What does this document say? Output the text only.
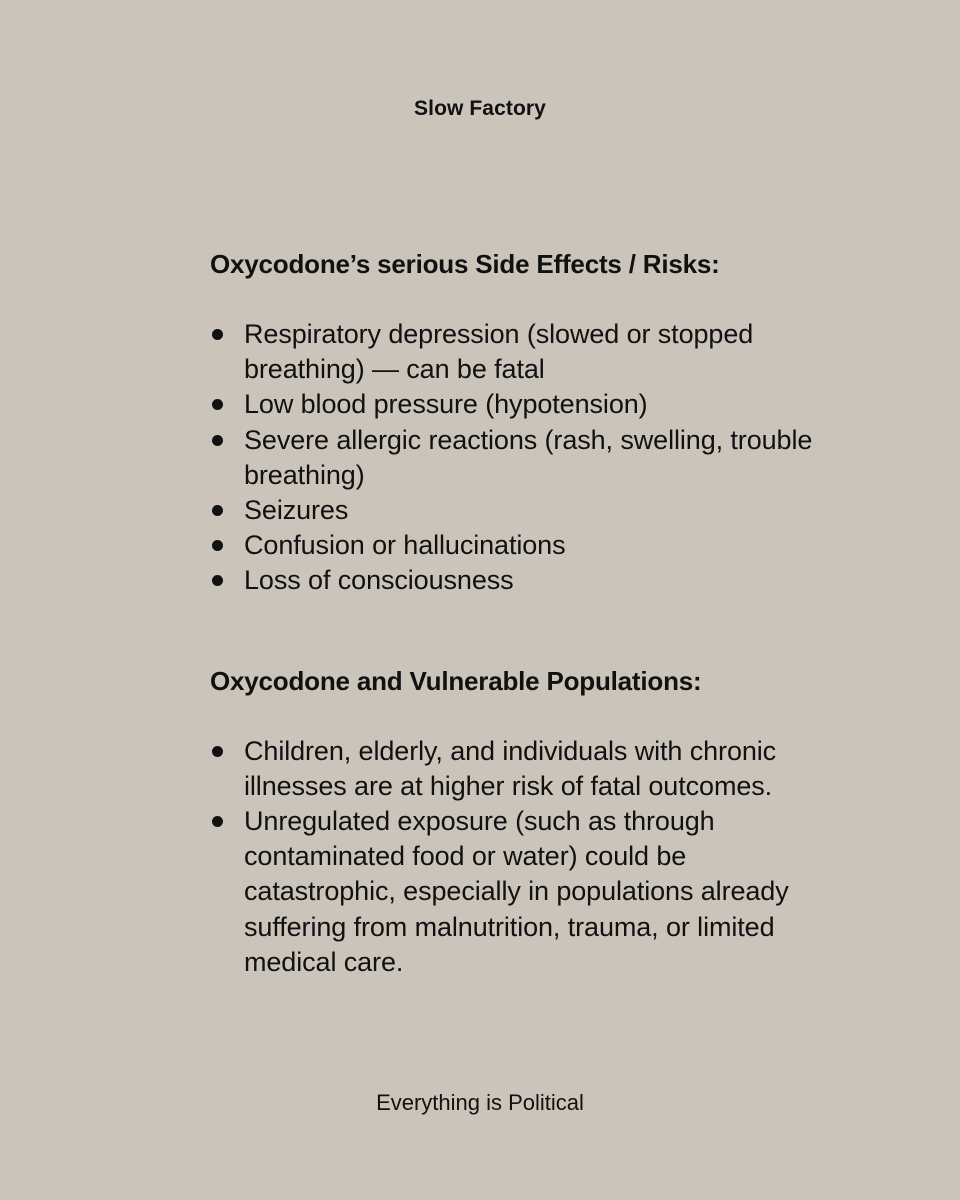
Slow Factory
Oxycodone’s serious Side Effects / Risks:
Respiratory depression (slowed or stopped breathing) — can be fatal
Low blood pressure (hypotension)
Severe allergic reactions (rash, swelling, trouble breathing)
Seizures
Confusion or hallucinations
Loss of consciousness
Oxycodone and Vulnerable Populations:
Children, elderly, and individuals with chronic illnesses are at higher risk of fatal outcomes.
Unregulated exposure (such as through contaminated food or water) could be catastrophic, especially in populations already suffering from malnutrition, trauma, or limited medical care.
Everything is Political
